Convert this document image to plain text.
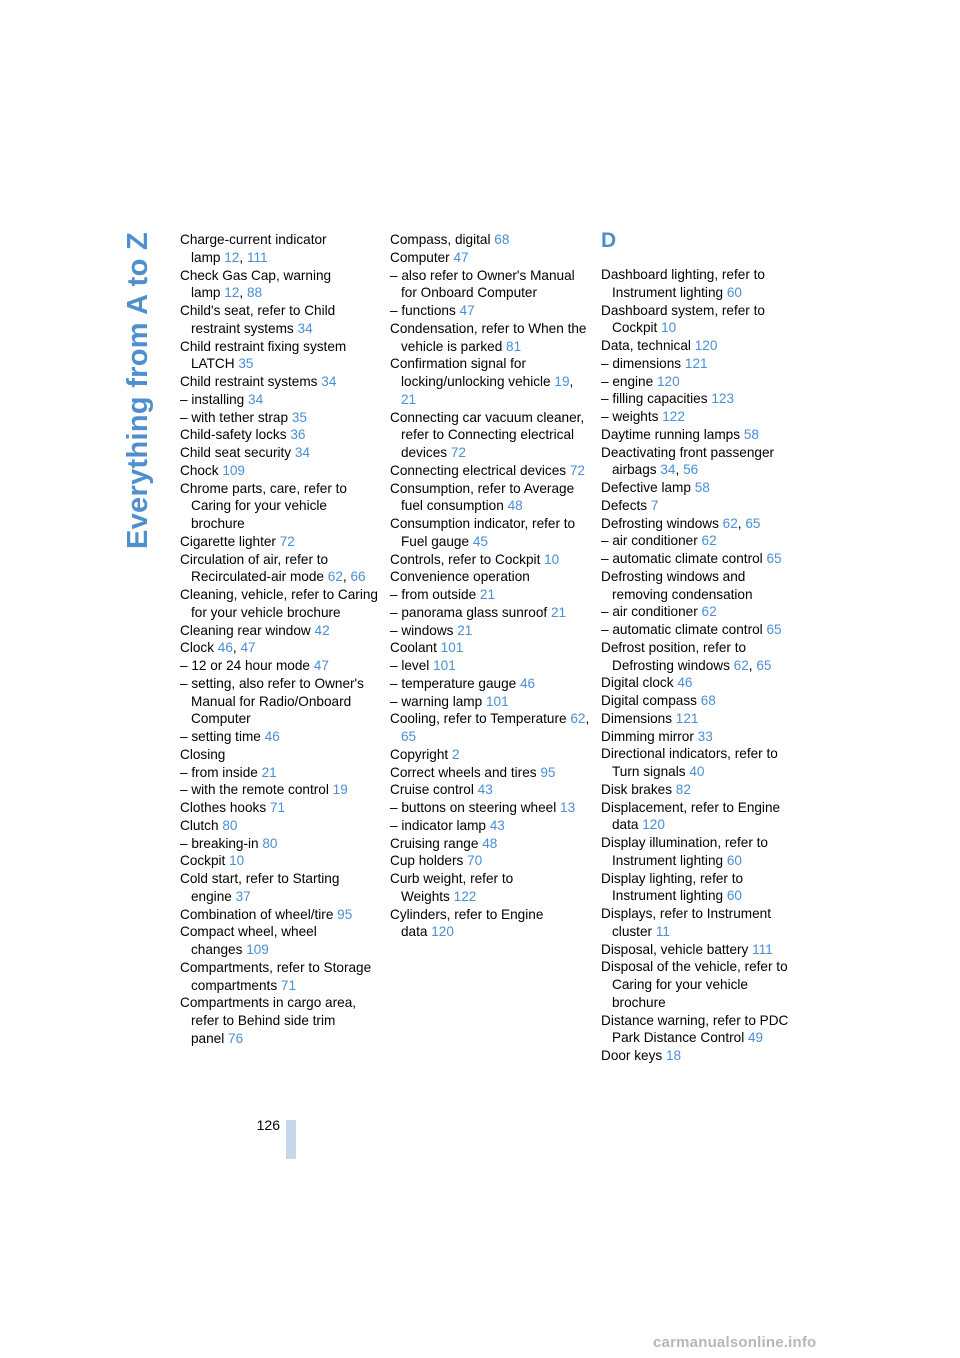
Everything from A to Z Charge-current indicator lamp 12 , 111
Check Gas Cap, warning lamp 12 , 88
Child's seat, refer to Child restraint systems 34
Child restraint fixing system LATCH 35
Child restraint systems 34
– installing 34
– with tether strap 35
Child-safety locks 36
Child seat security 34
Chock 109
Chrome parts, care, refer to Caring for your vehicle brochure
Cigarette lighter 72
Circulation of air, refer to Recirculated-air mode 62 , 66
Cleaning, vehicle, refer to Caring for your vehicle brochure
Cleaning rear window 42
Clock 46 , 47
– 12 or 24 hour mode 47
– setting, also refer to Owner's Manual for Radio/Onboard Computer
– setting time 46
Closing
– from inside 21
– with the remote control 19
Clothes hooks 71
Clutch 80
– breaking-in 80
Cockpit 10
Cold start, refer to Starting engine 37
Combination of wheel/tire 95
Compact wheel, wheel changes 109
Compartments, refer to Storage compartments 71
Compartments in cargo area, refer to Behind side trim panel 76
Compass, digital 68
Computer 47
– also refer to Owner's Manual for Onboard Computer
– functions 47
Condensation, refer to When the vehicle is parked 81
Confirmation signal for locking/unlocking vehicle 19, 21
Connecting car vacuum cleaner, refer to Connecting electrical devices 72
Connecting electrical devices 72
Consumption, refer to Average fuel consumption 48
Consumption indicator, refer to Fuel gauge 45
Controls, refer to Cockpit 10
Convenience operation
– from outside 21
– panorama glass sunroof 21
– windows 21
Coolant 101
– level 101
– temperature gauge 46
– warning lamp 101
Cooling, refer to Temperature 62, 65
Copyright 2
Correct wheels and tires 95
Cruise control 43
– buttons on steering wheel 13
– indicator lamp 43
Cruising range 48
Cup holders 70
Curb weight, refer to Weights 122
Cylinders, refer to Engine data 120
D
Dashboard lighting, refer to Instrument lighting 60
Dashboard system, refer to Cockpit 10
Data, technical 120
– dimensions 121
– engine 120
– filling capacities 123
– weights 122
Daytime running lamps 58
Deactivating front passenger airbags 34 , 56
Defective lamp 58
Defects 7
Defrosting windows 62 , 65
– air conditioner 62
– automatic climate control 65
Defrosting windows and removing condensation
– air conditioner 62
– automatic climate control 65
Defrost position, refer to Defrosting windows 62 , 65
Digital clock 46
Digital compass 68
Dimensions 121
Dimming mirror 33
Directional indicators, refer to Turn signals 40
Disk brakes 82
Displacement, refer to Engine data 120
Display illumination, refer to Instrument lighting 60
Display lighting, refer to Instrument lighting 60
Displays, refer to Instrument cluster 11
Disposal, vehicle battery 111
Disposal of the vehicle, refer to Caring for your vehicle brochure
Distance warning, refer to PDC Park Distance Control 49
Door keys 18
126
carmanualsonline.info
